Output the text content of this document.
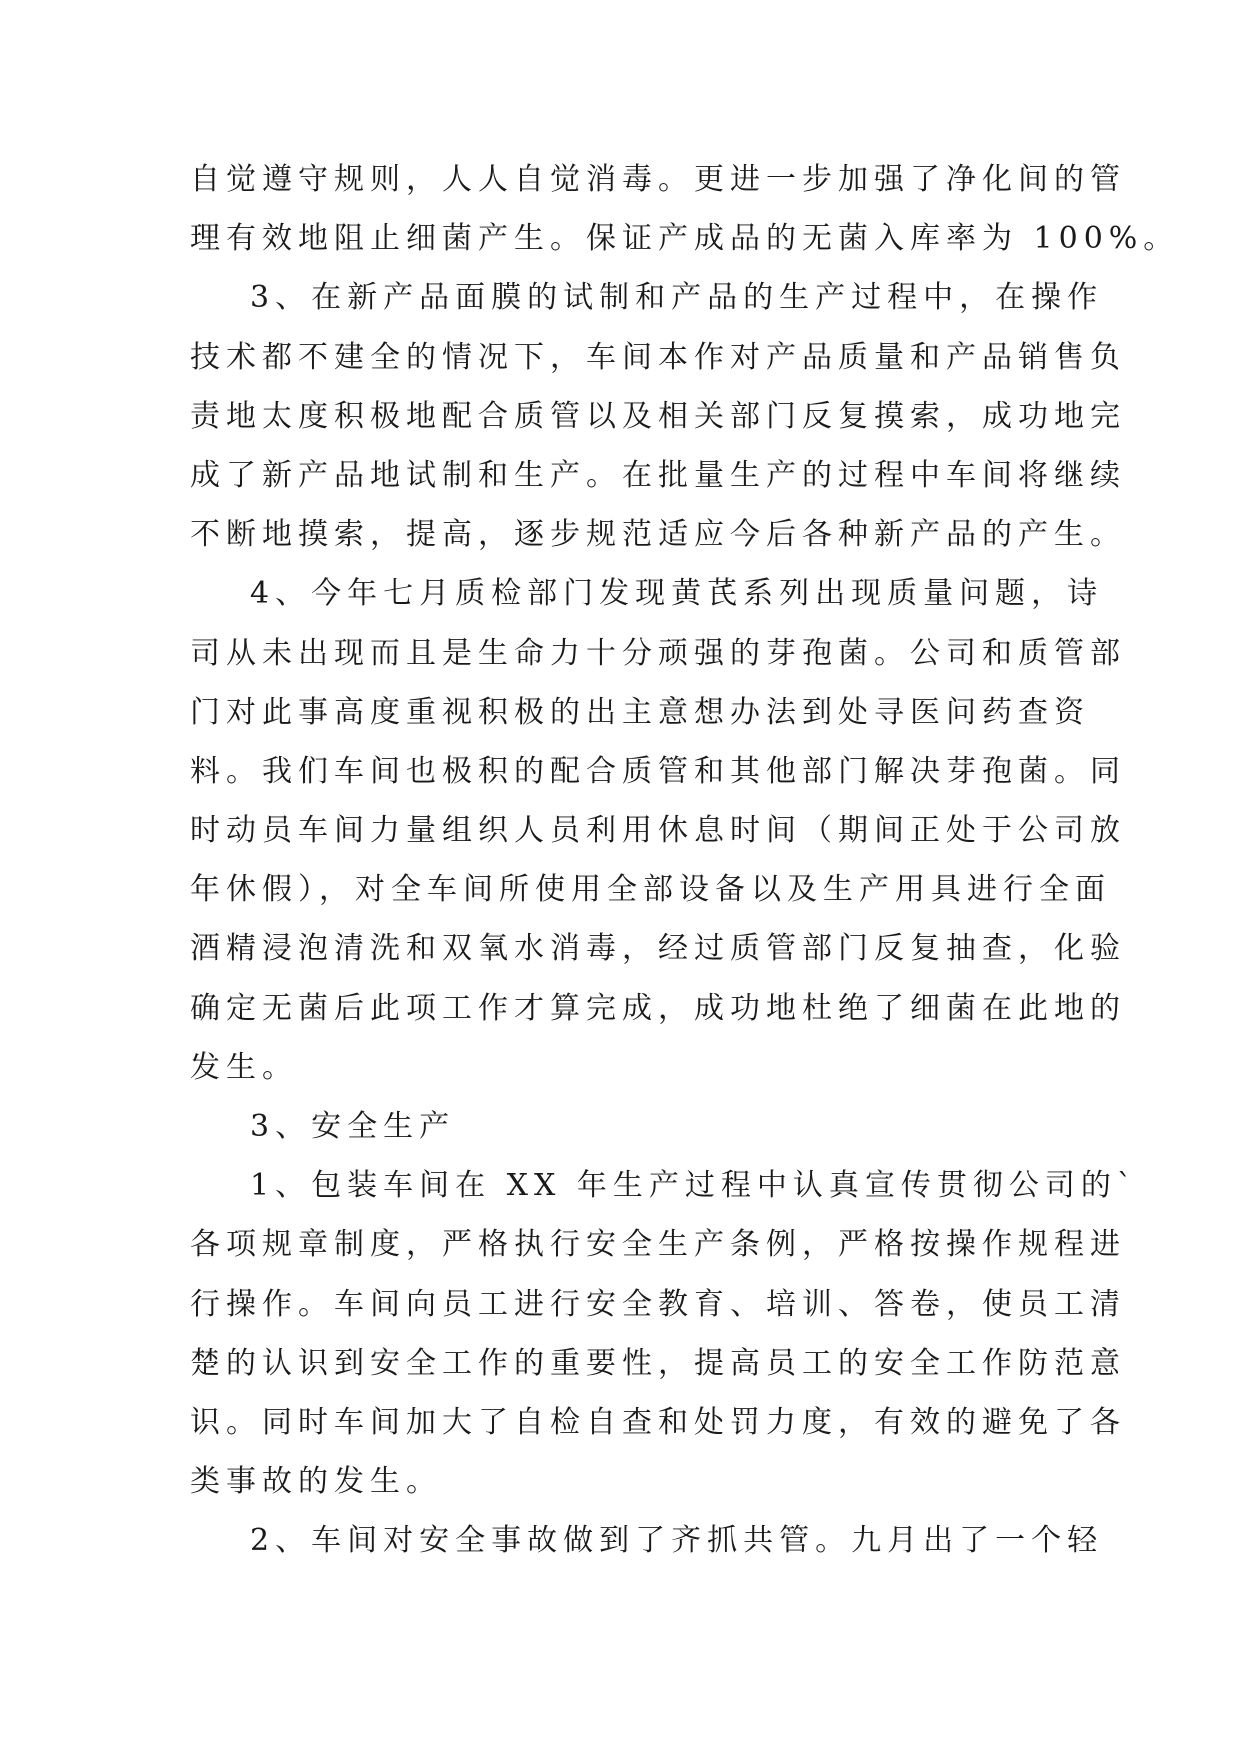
自觉遵守规则，人人自觉消毒。更进一步加强了净化间的管
理有效地阻止细菌产生。保证产成品的无菌入库率为 100%。
3、在新产品面膜的试制和产品的生产过程中，在操作
技术都不建全的情况下，车间本作对产品质量和产品销售负
责地太度积极地配合质管以及相关部门反复摸索，成功地完
成了新产品地试制和生产。在批量生产的过程中车间将继续
不断地摸索，提高，逐步规范适应今后各种新产品的产生。
4、今年七月质检部门发现黄芪系列出现质量问题，诗
司从未出现而且是生命力十分顽强的芽孢菌。公司和质管部
门对此事高度重视积极的出主意想办法到处寻医问药查资
料。我们车间也极积的配合质管和其他部门解决芽孢菌。同
时动员车间力量组织人员利用休息时间（期间正处于公司放
年休假），对全车间所使用全部设备以及生产用具进行全面
酒精浸泡清洗和双氧水消毒，经过质管部门反复抽查，化验
确定无菌后此项工作才算完成，成功地杜绝了细菌在此地的
发生。
3、安全生产
1、包装车间在 XX 年生产过程中认真宣传贯彻公司的`
各项规章制度，严格执行安全生产条例，严格按操作规程进
行操作。车间向员工进行安全教育、培训、答卷，使员工清
楚的认识到安全工作的重要性，提高员工的安全工作防范意
识。同时车间加大了自检自查和处罚力度，有效的避免了各
类事故的发生。
2、车间对安全事故做到了齐抓共管。九月出了一个轻
